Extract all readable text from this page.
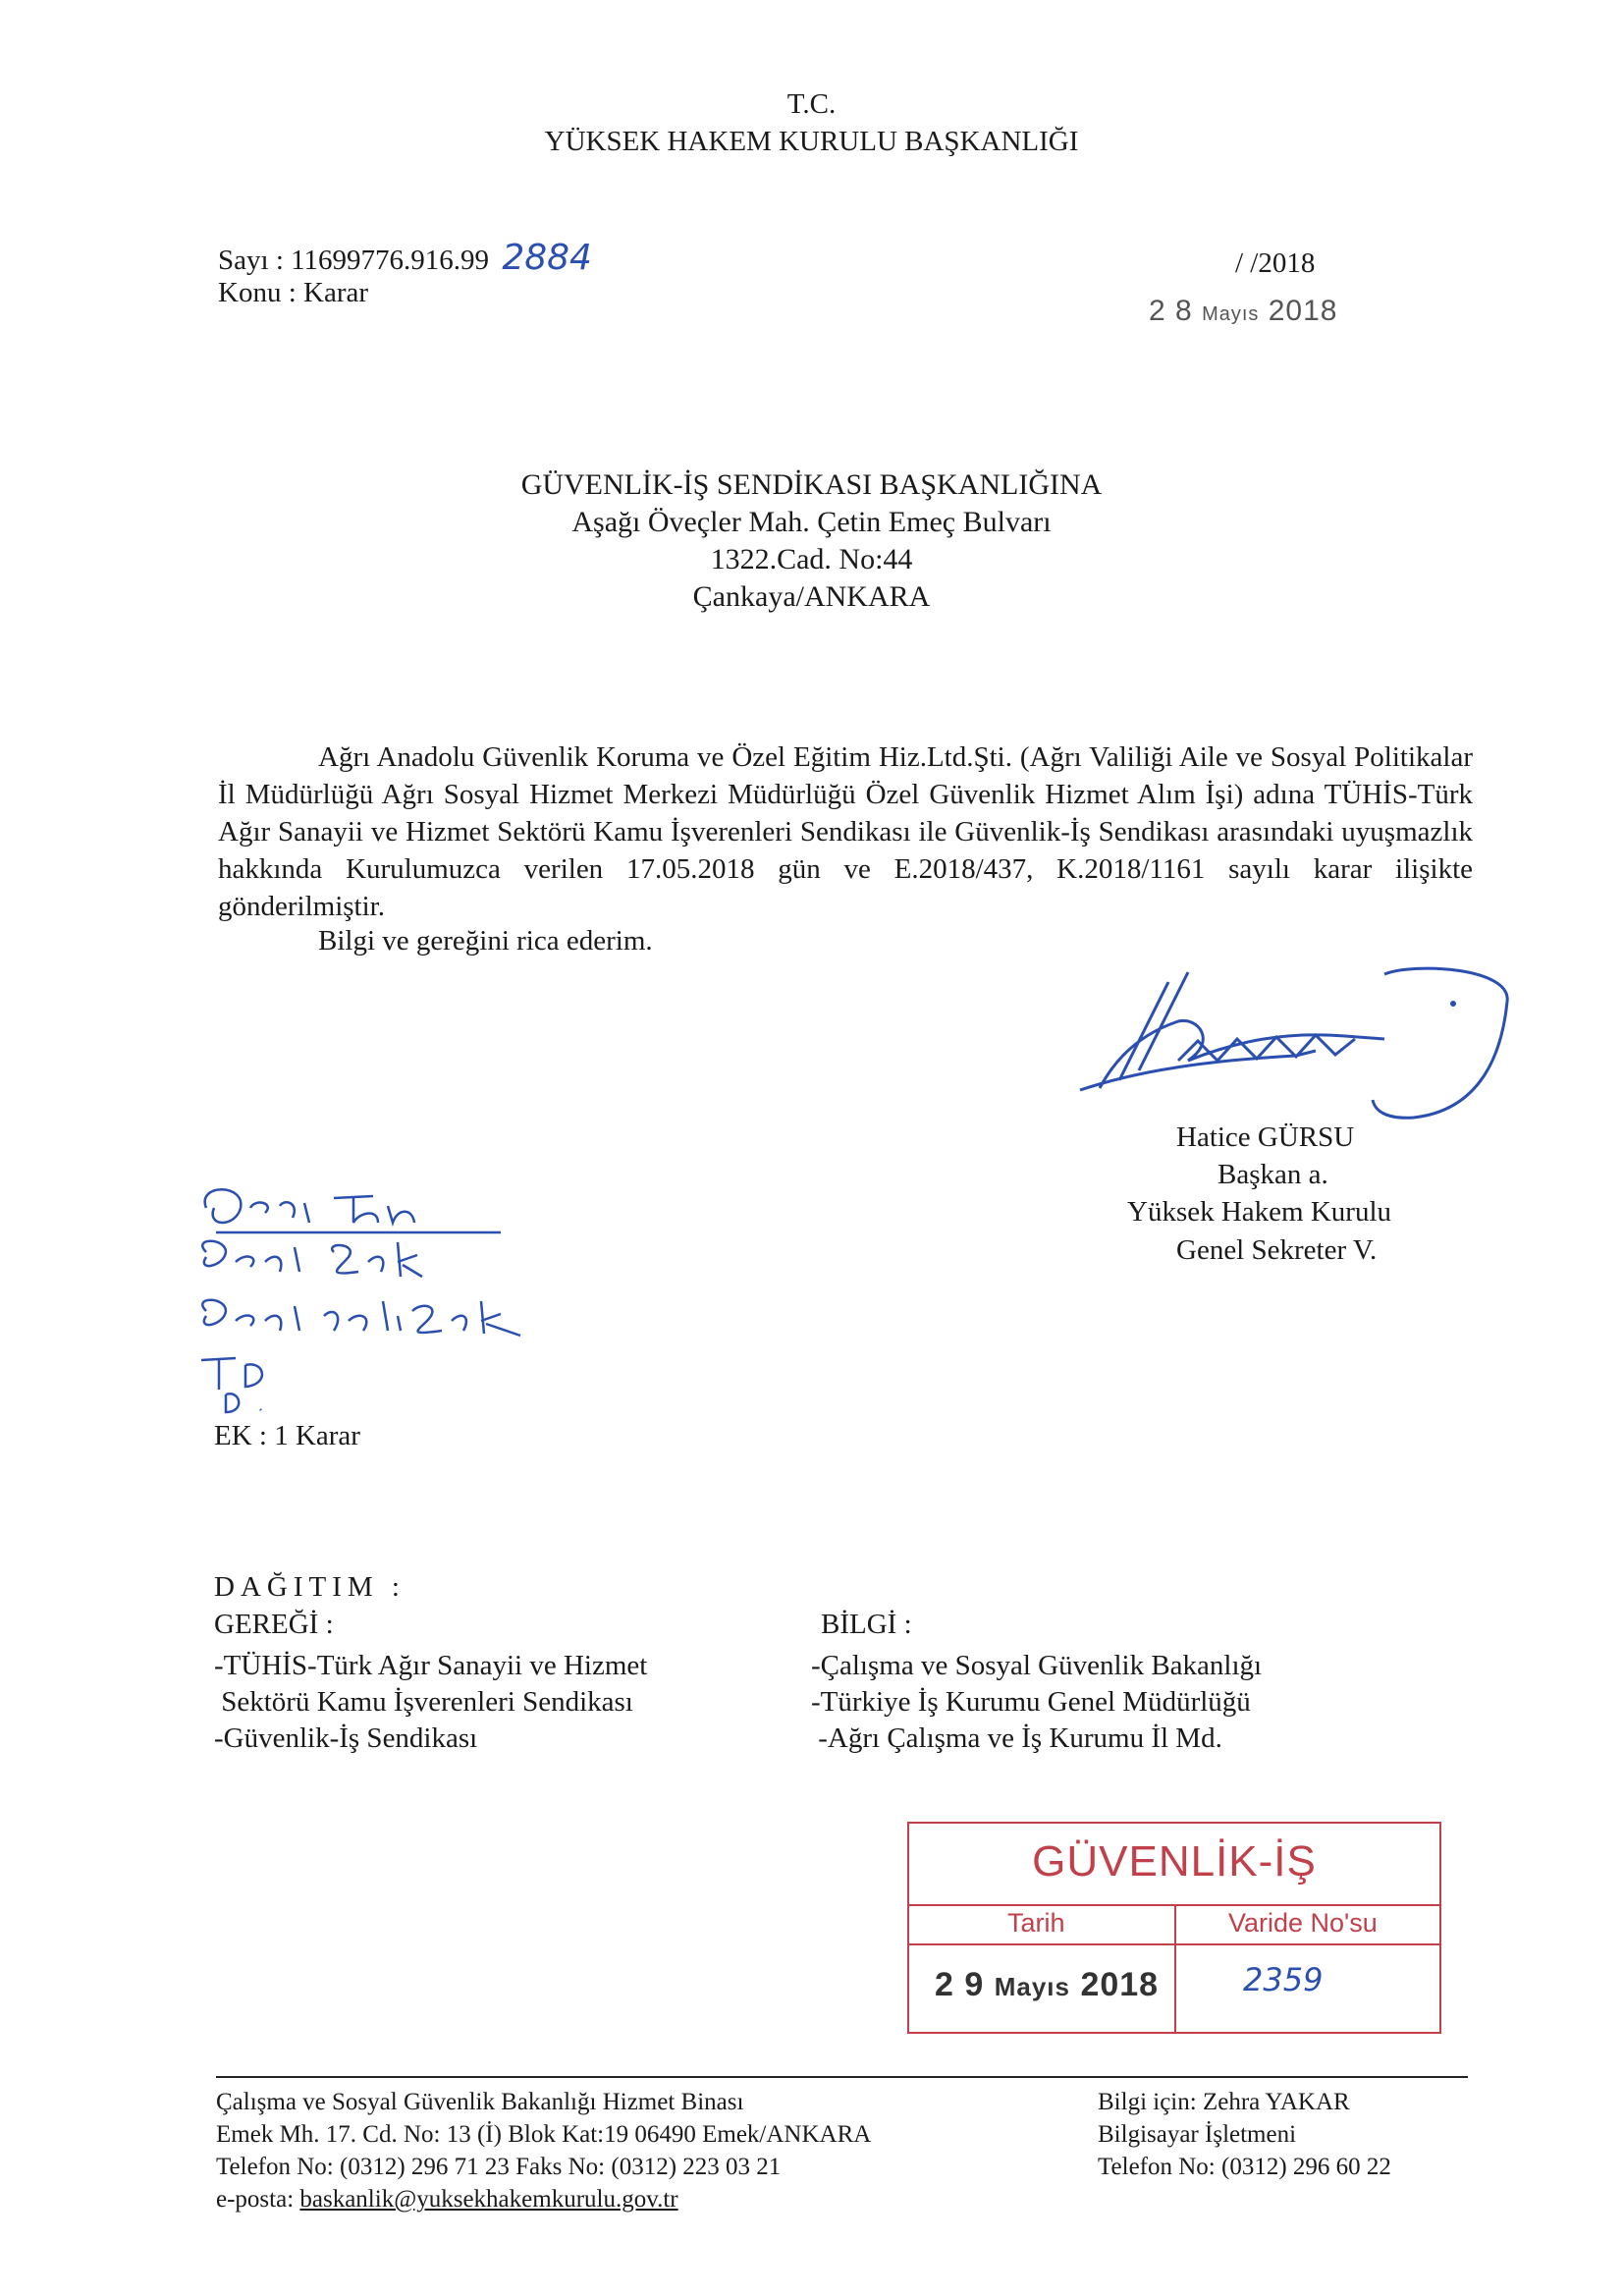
T.C.
YÜKSEK HAKEM KURULU BAŞKANLIĞI
Sayı : 11699776.916.99 2884
Konu : Karar
/ /2018
2 8 Mayıs 2018
GÜVENLİK-İŞ SENDİKASI BAŞKANLIĞINA
Aşağı Öveçler Mah. Çetin Emeç Bulvarı
1322.Cad. No:44
Çankaya/ANKARA
Ağrı Anadolu Güvenlik Koruma ve Özel Eğitim Hiz.Ltd.Şti. (Ağrı Valiliği Aile ve Sosyal Politikalar İl Müdürlüğü Ağrı Sosyal Hizmet Merkezi Müdürlüğü Özel Güvenlik Hizmet Alım İşi) adına TÜHİS-Türk Ağır Sanayii ve Hizmet Sektörü Kamu İşverenleri Sendikası ile Güvenlik-İş Sendikası arasındaki uyuşmazlık hakkında Kurulumuzca verilen 17.05.2018 gün ve E.2018/437, K.2018/1161 sayılı karar ilişikte gönderilmiştir.
Bilgi ve gereğini rica ederim.
Hatice GÜRSU
Başkan a.
Yüksek Hakem Kurulu
Genel Sekreter V.
EK : 1 Karar
DAĞITIM :
GEREĞİ :	BİLGİ :
-TÜHİS-Türk Ağır Sanayii ve Hizmet
Sektörü Kamu İşverenleri Sendikası
-Güvenlik-İş Sendikası
-Çalışma ve Sosyal Güvenlik Bakanlığı
-Türkiye İş Kurumu Genel Müdürlüğü
-Ağrı Çalışma ve İş Kurumu İl Md.
GÜVENLİK-İŞ
Tarih	Varide No'su
2 9 Mayıs 2018	2359
Çalışma ve Sosyal Güvenlik Bakanlığı Hizmet Binası
Emek Mh. 17. Cd. No: 13 (İ) Blok Kat:19 06490 Emek/ANKARA
Telefon No: (0312) 296 71 23 Faks No: (0312) 223 03 21
e-posta: baskanlik@yuksekhakemkurulu.gov.tr
Bilgi için: Zehra YAKAR
Bilgisayar İşletmeni
Telefon No: (0312) 296 60 22
